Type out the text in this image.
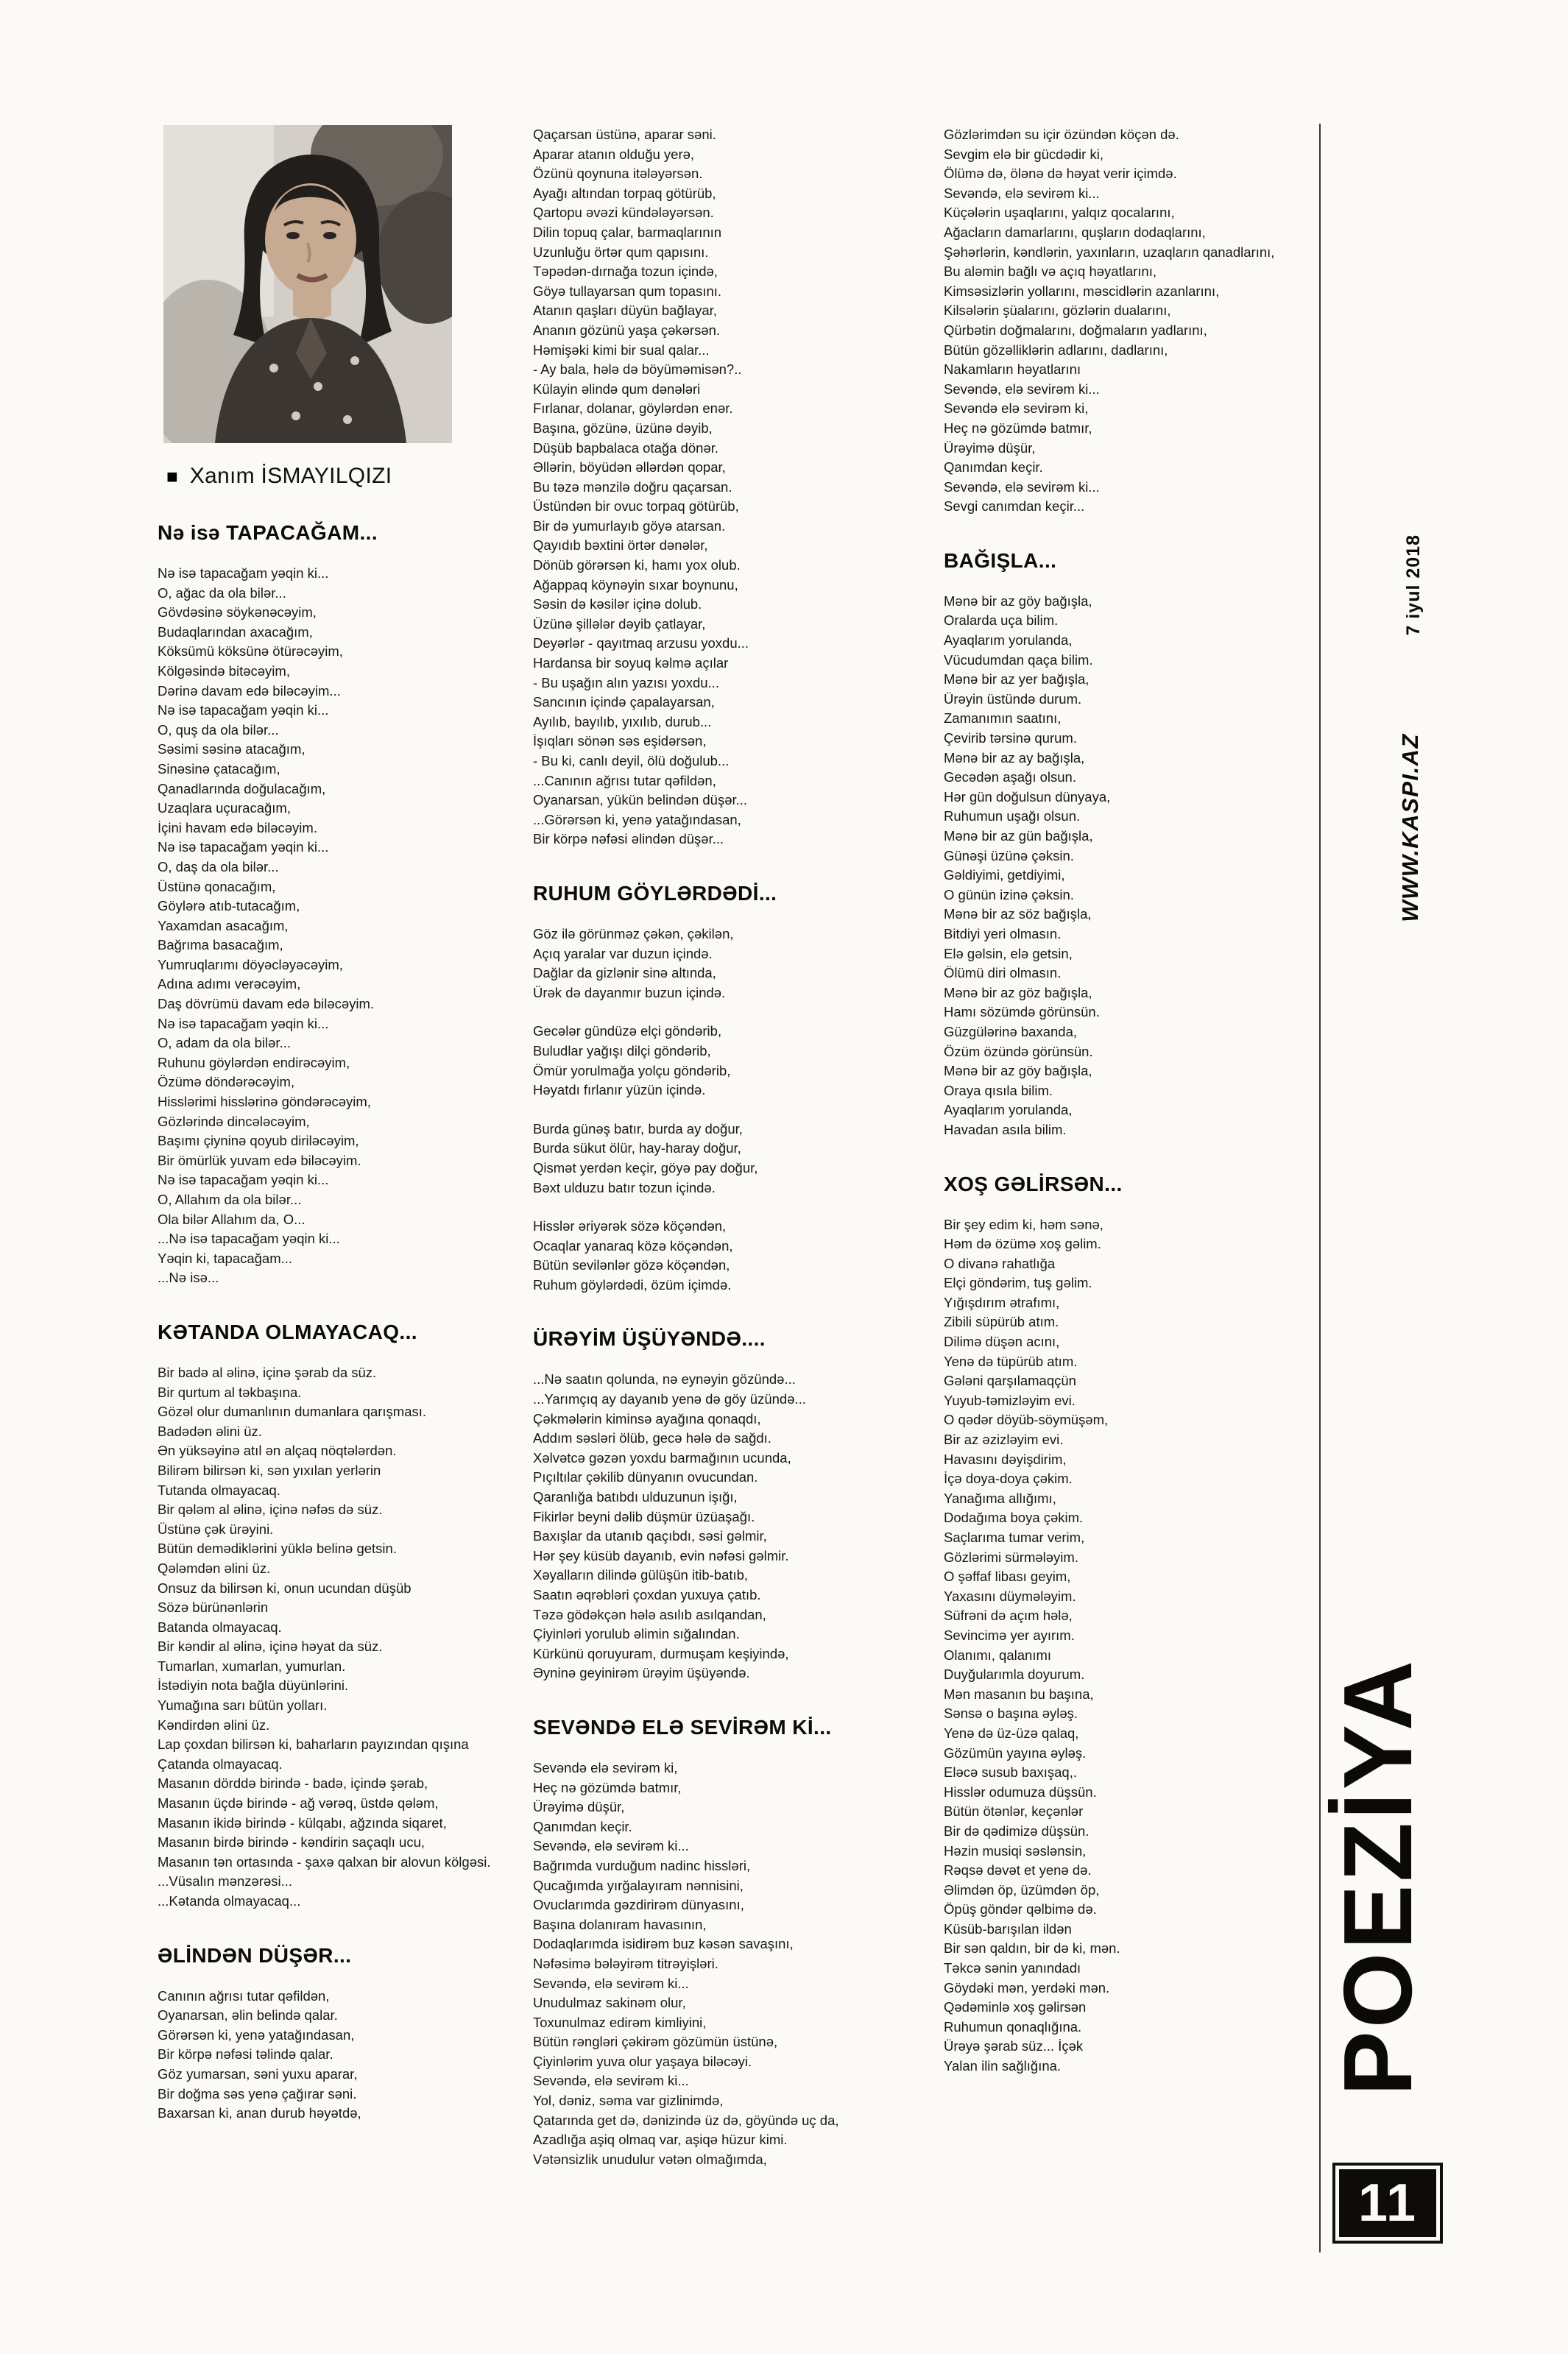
■ Xanım İSMAYILQIZI
Nə isə TAPACAĞAM...
Nə isə tapacağam yəqin ki...
O, ağac da ola bilər...
Gövdəsinə söykənəcəyim,
Budaqlarından axacağım,
Köksümü köksünə ötürəcəyim,
Kölgəsində bitəcəyim,
Dərinə davam edə biləcəyim...
Nə isə tapacağam yəqin ki...
O, quş da ola bilər...
Səsimi səsinə atacağım,
Sinəsinə çatacağım,
Qanadlarında doğulacağım,
Uzaqlara uçuracağım,
İçini havam edə biləcəyim.
Nə isə tapacağam yəqin ki...
O, daş da ola bilər...
Üstünə qonacağım,
Göylərə atıb-tutacağım,
Yaxamdan asacağım,
Bağrıma basacağım,
Yumruqlarımı döyəcləyəcəyim,
Adına adımı verəcəyim,
Daş dövrümü davam edə biləcəyim.
Nə isə tapacağam yəqin ki...
O, adam da ola bilər...
Ruhunu göylərdən endirəcəyim,
Özümə döndərəcəyim,
Hisslərimi hisslərinə göndərəcəyim,
Gözlərində dincələcəyim,
Başımı çiyninə qoyub diriləcəyim,
Bir ömürlük yuvam edə biləcəyim.
Nə isə tapacağam yəqin ki...
O, Allahım da ola bilər...
Ola bilər Allahım da, O...
...Nə isə tapacağam yəqin ki...
Yəqin ki, tapacağam...
...Nə isə...
KƏTANDA OLMAYACAQ...
Bir badə al əlinə, içinə şərab da süz.
Bir qurtum al təkbaşına.
Gözəl olur dumanlının dumanlara qarışması.
Badədən əlini üz.
Ən yüksəyinə atıl ən alçaq nöqtələrdən.
Bilirəm bilirsən ki, sən yıxılan yerlərin
Tutanda olmayacaq.
Bir qələm al əlinə, içinə nəfəs də süz.
Üstünə çək ürəyini.
Bütün demədiklərini yüklə belinə getsin.
Qələmdən əlini üz.
Onsuz da bilirsən ki, onun ucundan düşüb
Sözə bürünənlərin
Batanda olmayacaq.
Bir kəndir al əlinə, içinə həyat da süz.
Tumarlan, xumarlan, yumurlan.
İstədiyin nota bağla düyünlərini.
Yumağına sarı bütün yolları.
Kəndirdən əlini üz.
Lap çoxdan bilirsən ki, baharların payızından qışına
Çatanda olmayacaq.
Masanın dörddə birində - badə, içində şərab,
Masanın üçdə birində - ağ vərəq, üstdə qələm,
Masanın ikidə birində - külqabı, ağzında siqaret,
Masanın birdə birində - kəndirin saçaqlı ucu,
Masanın tən ortasında - şaxə qalxan bir alovun kölgəsi.
...Vüsalın mənzərəsi...
...Kətanda olmayacaq...
ƏLİNDƏN DÜŞƏR...
Canının ağrısı tutar qəfildən,
Oyanarsan, əlin belində qalar.
Görərsən ki, yenə yatağındasan,
Bir körpə nəfəsi təlində qalar.
Göz yumarsan, səni yuxu aparar,
Bir doğma səs yenə çağırar səni.
Baxarsan ki, anan durub həyətdə,
Qaçarsan üstünə, aparar səni.
Aparar atanın olduğu yerə,
Özünü qoynuna itələyərsən.
Ayağı altından torpaq götürüb,
Qartopu əvəzi kündələyərsən.
Dilin topuq çalar, barmaqlarının
Uzunluğu örtər qum qapısını.
Təpədən-dırnağa tozun içində,
Göyə tullayarsan qum topasını.
Atanın qaşları düyün bağlayar,
Ananın gözünü yaşa çəkərsən.
Həmişəki kimi bir sual qalar...
- Ay bala, hələ də böyüməmisən?..
Külayin əlində qum dənələri
Fırlanar, dolanar, göylərdən enər.
Başına, gözünə, üzünə dəyib,
Düşüb bapbalaca otağa dönər.
Əllərin, böyüdən əllərdən qopar,
Bu təzə mənzilə doğru qaçarsan.
Üstündən bir ovuc torpaq götürüb,
Bir də yumurlayıb göyə atarsan.
Qayıdıb bəxtini örtər dənələr,
Dönüb görərsən ki, hamı yox olub.
Ağappaq köynəyin sıxar boynunu,
Səsin də kəsilər içinə dolub.
Üzünə şillələr dəyib çatlayar,
Deyərlər - qayıtmaq arzusu yoxdu...
Hardansa bir soyuq kəlmə açılar
- Bu uşağın alın yazısı yoxdu...
Sancının içində çapalayarsan,
Ayılıb, bayılıb, yıxılıb, durub...
İşıqları sönən səs eşidərsən,
- Bu ki, canlı deyil, ölü doğulub...
...Canının ağrısı tutar qəfildən,
Oyanarsan, yükün belindən düşər...
...Görərsən ki, yenə yatağındasan,
Bir körpə nəfəsi əlindən düşər...
RUHUM GÖYLƏRDƏDİ...
Göz ilə görünməz çəkən, çəkilən,
Açıq yaralar var duzun içində.
Dağlar da gizlənir sinə altında,
Ürək də dayanmır buzun içində.
Gecələr gündüzə elçi göndərib,
Buludlar yağışı dilçi göndərib,
Ömür yorulmağa yolçu göndərib,
Həyatdı fırlanır yüzün içində.
Burda günəş batır, burda ay doğur,
Burda sükut ölür, hay-haray doğur,
Qismət yerdən keçir, göyə pay doğur,
Bəxt ulduzu batır tozun içində.
Hisslər əriyərək sözə köçəndən,
Ocaqlar yanaraq közə köçəndən,
Bütün sevilənlər gözə köçəndən,
Ruhum göylərdədi, özüm içimdə.
ÜRƏYİM ÜŞÜYƏNDƏ....
...Nə saatın qolunda, nə eynəyin gözündə...
...Yarımçıq ay dayanıb yenə də göy üzündə...
Çəkmələrin kiminsə ayağına qonaqdı,
Addım səsləri ölüb, gecə hələ də sağdı.
Xəlvətcə gəzən yoxdu barmağının ucunda,
Pıçıltılar çəkilib dünyanın ovucundan.
Qaranlığa batıbdı ulduzunun işığı,
Fikirlər beyni dəlib düşmür üzüaşağı.
Baxışlar da utanıb qaçıbdı, səsi gəlmir,
Hər şey küsüb dayanıb, evin nəfəsi gəlmir.
Xəyalların dilində gülüşün itib-batıb,
Saatın əqrəbləri çoxdan yuxuya çatıb.
Təzə gödəkçən hələ asılıb asılqandan,
Çiyinləri yorulub əlimin sığalından.
Kürkünü qoruyuram, durmuşam keşiyində,
Əyninə geyinirəm ürəyim üşüyəndə.
SEVƏNDƏ ELƏ SEVİRƏM Kİ...
Sevəndə elə sevirəm ki,
Heç nə gözümdə batmır,
Ürəyimə düşür,
Qanımdan keçir.
Sevəndə, elə sevirəm ki...
Bağrımda vurduğum nadinc hissləri,
Qucağımda yırğalayıram nənnisini,
Ovuclarımda gəzdirirəm dünyasını,
Başına dolanıram havasının,
Dodaqlarımda isidirəm buz kəsən savaşını,
Nəfəsimə bələyirəm titrəyişləri.
Sevəndə, elə sevirəm ki...
Unudulmaz sakinəm olur,
Toxunulmaz edirəm kimliyini,
Bütün rəngləri çəkirəm gözümün üstünə,
Çiyinlərim yuva olur yaşaya biləcəyi.
Sevəndə, elə sevirəm ki...
Yol, dəniz, səma var gizlinimdə,
Qatarında get də, dənizində üz də, göyündə uç da,
Azadlığa aşiq olmaq var, aşiqə hüzur kimi.
Vətənsizlik unudulur vətən olmağımda,
Gözlərimdən su içir özündən köçən də.
Sevgim elə bir gücdədir ki,
Ölümə də, ölənə də həyat verir içimdə.
Sevəndə, elə sevirəm ki...
Küçələrin uşaqlarını, yalqız qocalarını,
Ağacların damarlarını, quşların dodaqlarını,
Şəhərlərin, kəndlərin, yaxınların, uzaqların qanadlarını,
Bu aləmin bağlı və açıq həyatlarını,
Kimsəsizlərin yollarını, məscidlərin azanlarını,
Kilsələrin şüalarını, gözlərin dualarını,
Qürbətin doğmalarını, doğmaların yadlarını,
Bütün gözəlliklərin adlarını, dadlarını,
Nakamların həyatlarını
Sevəndə, elə sevirəm ki...
Sevəndə elə sevirəm ki,
Heç nə gözümdə batmır,
Ürəyimə düşür,
Qanımdan keçir.
Sevəndə, elə sevirəm ki...
Sevgi canımdan keçir...
BAĞIŞLA...
Mənə bir az göy bağışla,
Oralarda uça bilim.
Ayaqlarım yorulanda,
Vücudumdan qaça bilim.
Mənə bir az yer bağışla,
Ürəyin üstündə durum.
Zamanımın saatını,
Çevirib tərsinə qurum.
Mənə bir az ay bağışla,
Gecədən aşağı olsun.
Hər gün doğulsun dünyaya,
Ruhumun uşağı olsun.
Mənə bir az gün bağışla,
Günəşi üzünə çəksin.
Gəldiyimi, getdiyimi,
O günün izinə çəksin.
Mənə bir az söz bağışla,
Bitdiyi yeri olmasın.
Elə gəlsin, elə getsin,
Ölümü diri olmasın.
Mənə bir az göz bağışla,
Hamı sözümdə görünsün.
Güzgülərinə baxanda,
Özüm özündə görünsün.
Mənə bir az göy bağışla,
Oraya qısıla bilim.
Ayaqlarım yorulanda,
Havadan asıla bilim.
XOŞ GƏLİRSƏN...
Bir şey edim ki, həm sənə,
Həm də özümə xoş gəlim.
O divanə rahatlığa
Elçi göndərim, tuş gəlim.
Yığışdırım ətrafımı,
Zibili süpürüb atım.
Dilimə düşən acını,
Yenə də tüpürüb atım.
Gələni qarşılamaqçün
Yuyub-təmizləyim evi.
O qədər döyüb-söymüşəm,
Bir az əzizləyim evi.
Havasını dəyişdirim,
İçə doya-doya çəkim.
Yanağıma allığımı,
Dodağıma boya çəkim.
Saçlarıma tumar verim,
Gözlərimi sürmələyim.
O şəffaf libası geyim,
Yaxasını düymələyim.
Süfrəni də açım hələ,
Sevincimə yer ayırım.
Olanımı, qalanımı
Duyğularımla doyurum.
Mən masanın bu başına,
Sənsə o başına əyləş.
Yenə də üz-üzə qalaq,
Gözümün yayına əyləş.
Eləcə susub baxışaq,.
Hisslər odumuza düşsün.
Bütün ötənlər, keçənlər
Bir də qədimizə düşsün.
Həzin musiqi səslənsin,
Rəqsə dəvət et yenə də.
Əlimdən öp, üzümdən öp,
Öpüş göndər qəlbimə də.
Küsüb-barışılan ildən
Bir sən qaldın, bir də ki, mən.
Təkcə sənin yanındadı
Göydəki mən, yerdəki mən.
Qədəminlə xoş gəlirsən
Ruhumun qonaqlığına.
Ürəyə şərab süz... İçək
Yalan ilin sağlığına.
7 iyul 2018
WWW.KASPI.AZ
POEZİYA
11
